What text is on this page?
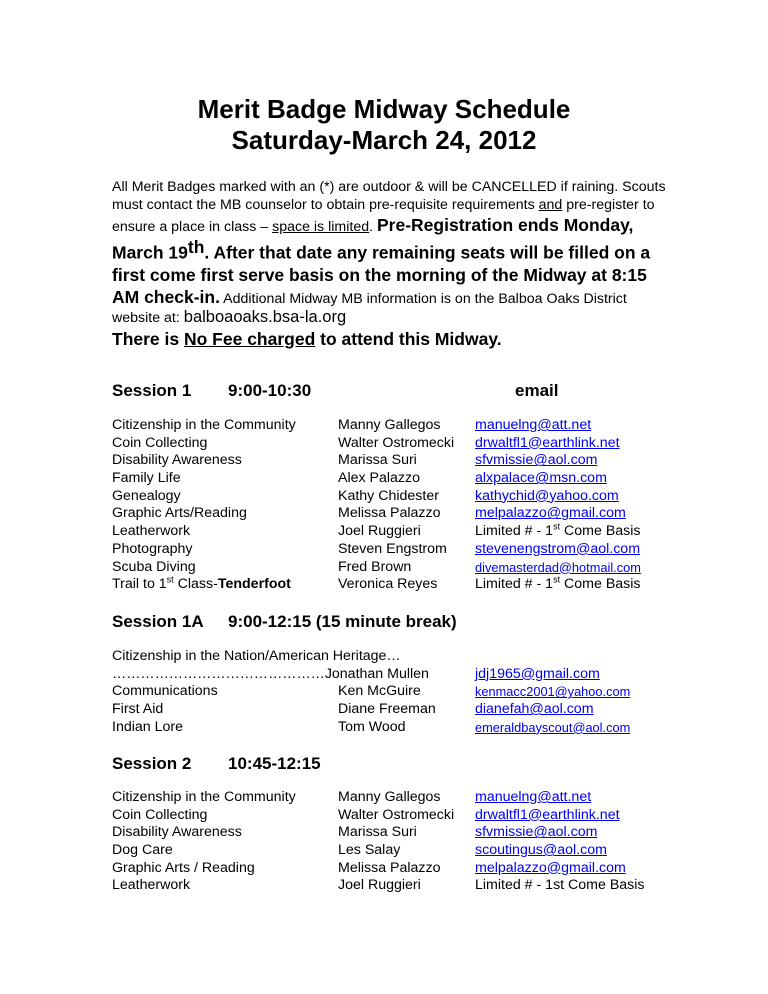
Merit Badge Midway Schedule
Saturday-March 24, 2012
All Merit Badges marked with an (*) are outdoor & will be CANCELLED if raining. Scouts must contact the MB counselor to obtain pre-requisite requirements and pre-register to ensure a place in class – space is limited. Pre-Registration ends Monday, March 19th. After that date any remaining seats will be filled on a first come first serve basis on the morning of the Midway at 8:15 AM check-in. Additional Midway MB information is on the Balboa Oaks District website at: balboaoaks.bsa-la.org
There is No Fee charged to attend this Midway.
Session 1 9:00-10:30	email
Citizenship in the Community	Manny Gallegos manuelng@att.net
Coin Collecting	Walter Ostromecki drwaltfl1@earthlink.net
Disability Awareness	Marissa Suri	sfvmissie@aol.com
Family Life	Alex Palazzo	alxpalace@msn.com
Genealogy	Kathy Chidester	kathychid@yahoo.com
Graphic Arts/Reading	Melissa Palazzo melpalazzo@gmail.com
Leatherwork	Joel Ruggieri	Limited # - 1st Come Basis
Photography	Steven Engstrom stevenengstrom@aol.com
Scuba Diving	Fred Brown	divemasterdad@hotmail.com
Trail to 1st Class-Tenderfoot	Veronica Reyes	Limited # - 1st Come Basis
Session 1A 9:00-12:15 (15 minute break)
Citizenship in the Nation/American Heritage…
………………………………………Jonathan Mullen	jdj1965@gmail.com
Communications	Ken McGuire	kenmacc2001@yahoo.com
First Aid	Diane Freeman	dianefah@aol.com
Indian Lore	Tom Wood	emeraldbayscout@aol.com
Session 2 10:45-12:15
Citizenship in the Community	Manny Gallegos manuelng@att.net
Coin Collecting	Walter Ostromecki drwaltfl1@earthlink.net
Disability Awareness	Marissa Suri	sfvmissie@aol.com
Dog Care	Les Salay	scoutingus@aol.com
Graphic Arts / Reading	Melissa Palazzo melpalazzo@gmail.com
Leatherwork	Joel Ruggieri	Limited # - 1st Come Basis
